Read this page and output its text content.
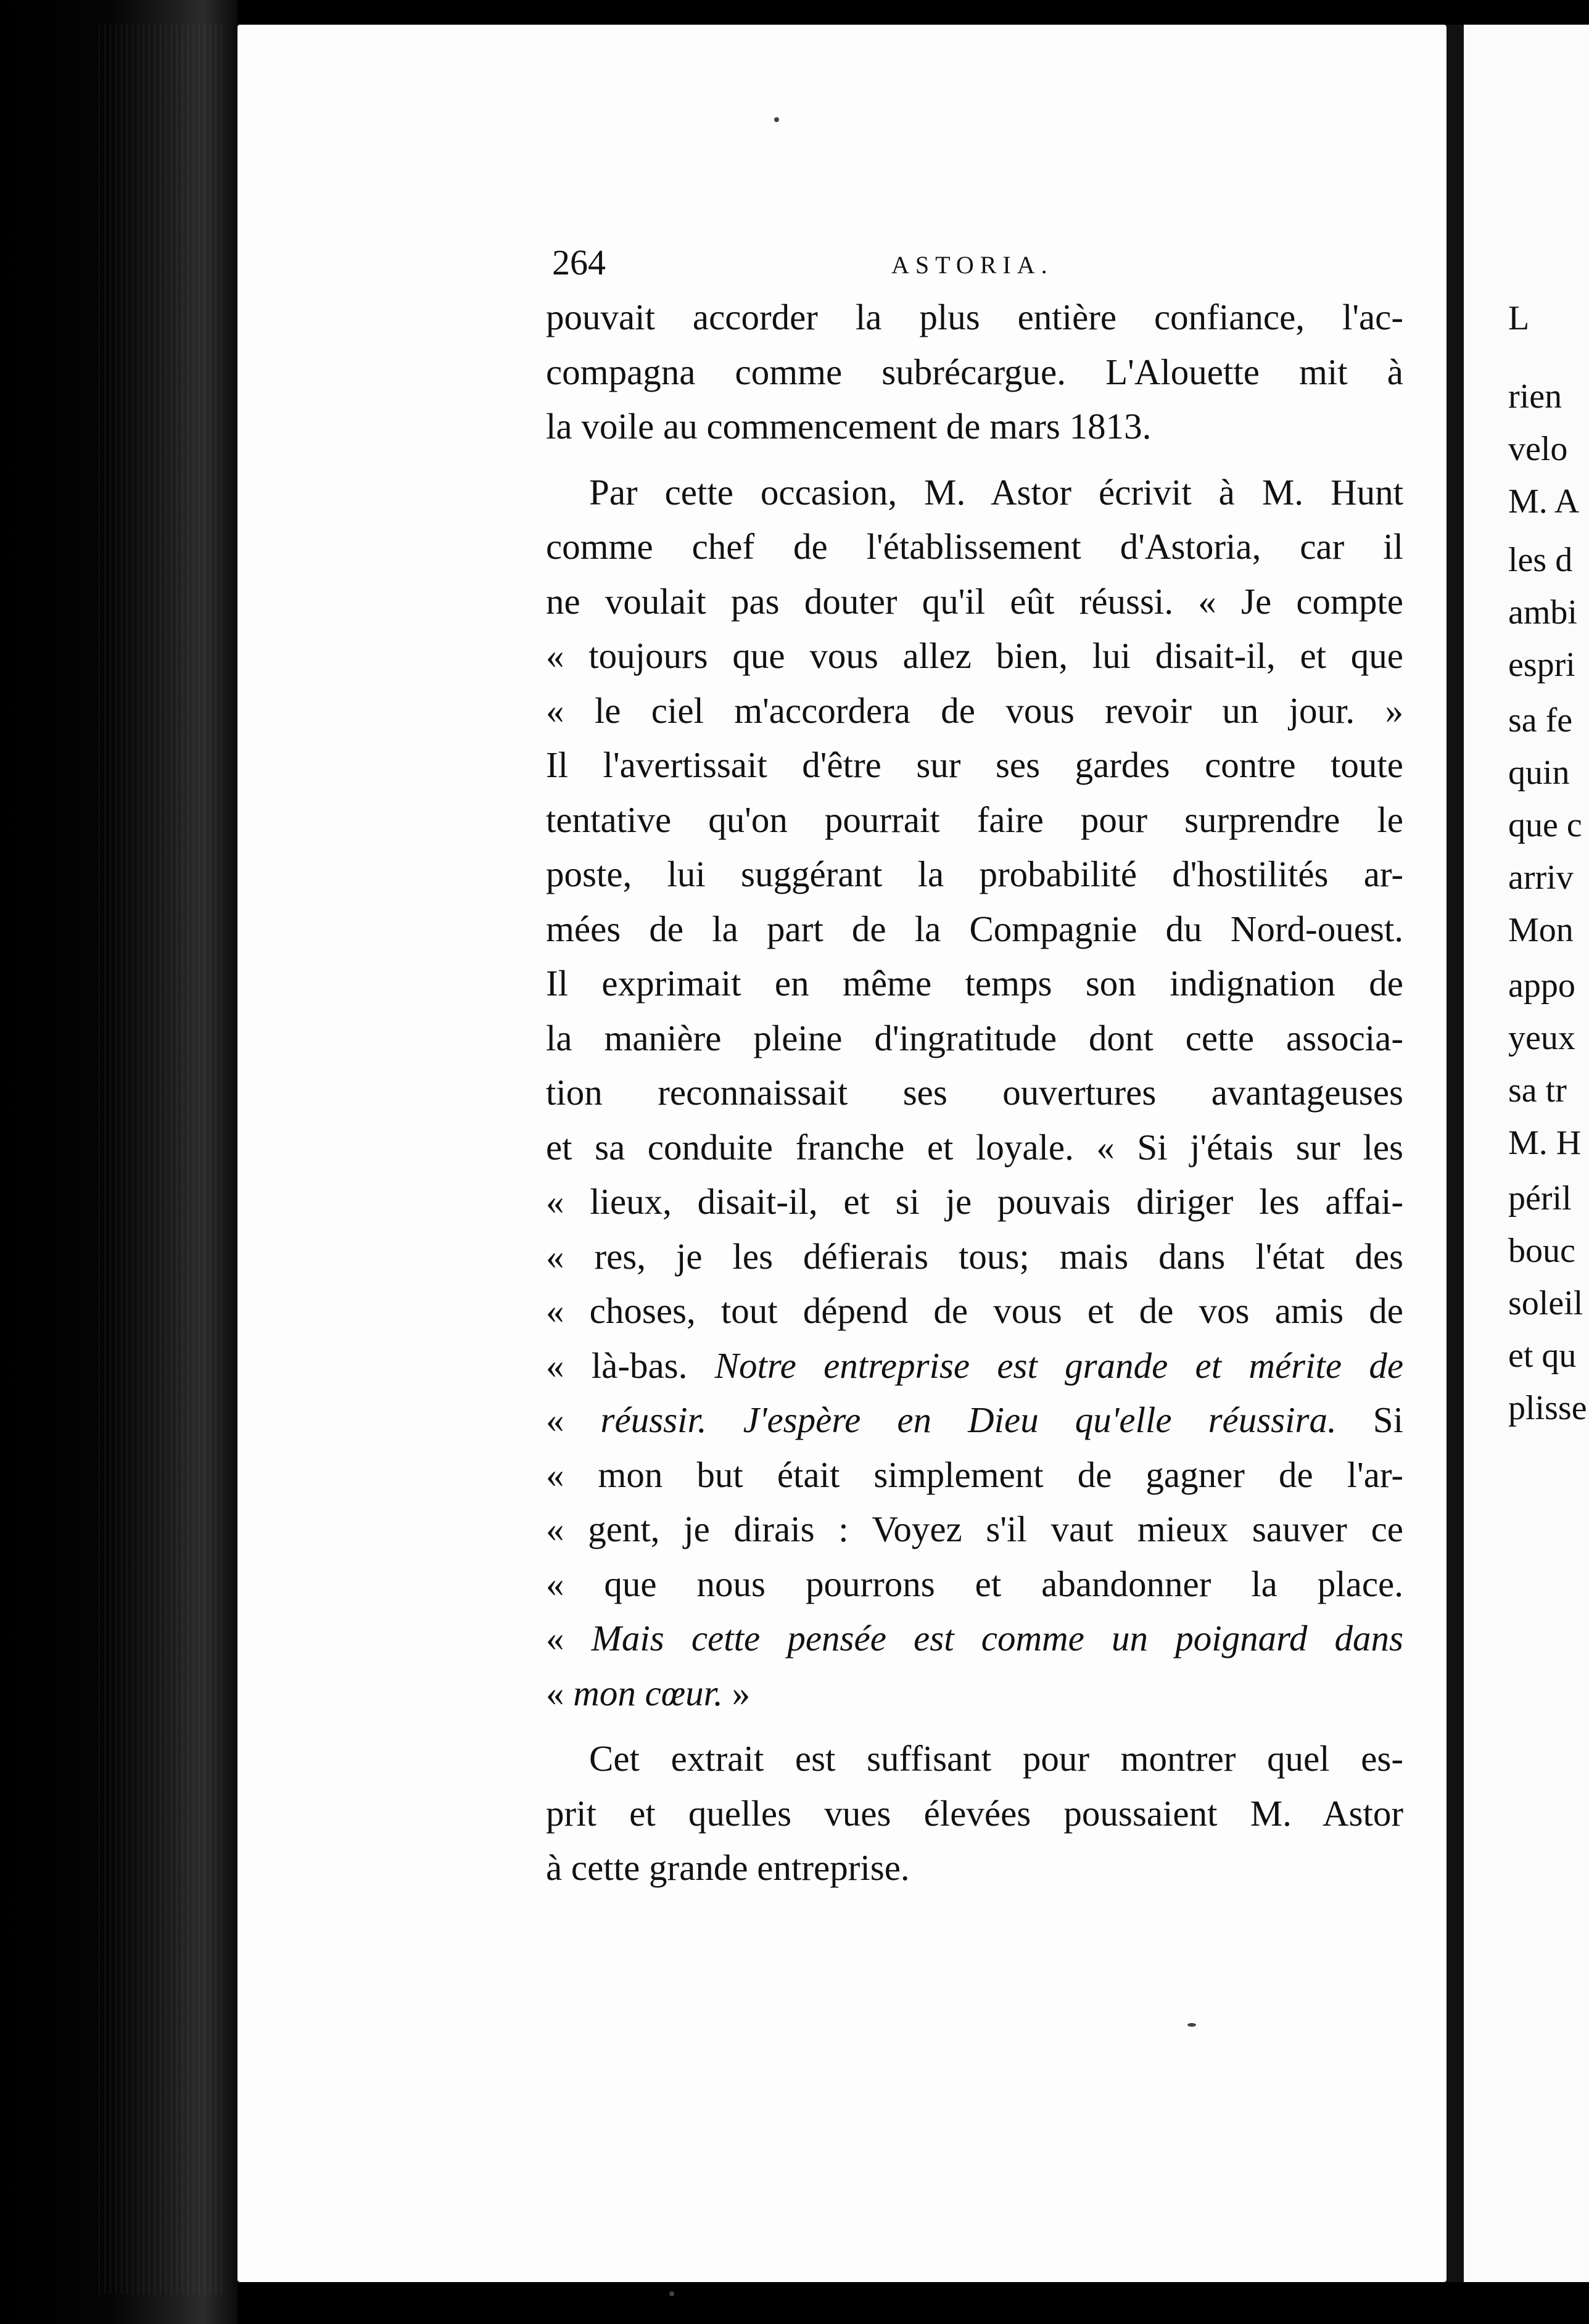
L
rien
velo
M. A
les d
ambi
espri
sa fe
quin
que c
arriv
Mon
appo
yeux
sa tr
M. H
péril
bouc
soleil
et qu
plisse
264	ASTORIA.
pouvait accorder la plus entière confiance, l'ac-
compagna comme subrécargue. L'Alouette mit à
la voile au commencement de mars 1813.
Par cette occasion, M. Astor écrivit à M. Hunt
comme chef de l'établissement d'Astoria, car il
ne voulait pas douter qu'il eût réussi. « Je compte
« toujours que vous allez bien, lui disait-il, et que
« le ciel m'accordera de vous revoir un jour. »
Il l'avertissait d'être sur ses gardes contre toute
tentative qu'on pourrait faire pour surprendre le
poste, lui suggérant la probabilité d'hostilités ar-
mées de la part de la Compagnie du Nord-ouest.
Il exprimait en même temps son indignation de
la manière pleine d'ingratitude dont cette associa-
tion reconnaissait ses ouvertures avantageuses
et sa conduite franche et loyale. « Si j'étais sur les
« lieux, disait-il, et si je pouvais diriger les affai-
« res, je les défierais tous; mais dans l'état des
« choses, tout dépend de vous et de vos amis de
« là-bas. Notre entreprise est grande et mérite de
« réussir. J'espère en Dieu qu'elle réussira. Si
« mon but était simplement de gagner de l'ar-
« gent, je dirais : Voyez s'il vaut mieux sauver ce
« que nous pourrons et abandonner la place.
« Mais cette pensée est comme un poignard dans
« mon cœur. »
Cet extrait est suffisant pour montrer quel es-
prit et quelles vues élevées poussaient M. Astor
à cette grande entreprise.
